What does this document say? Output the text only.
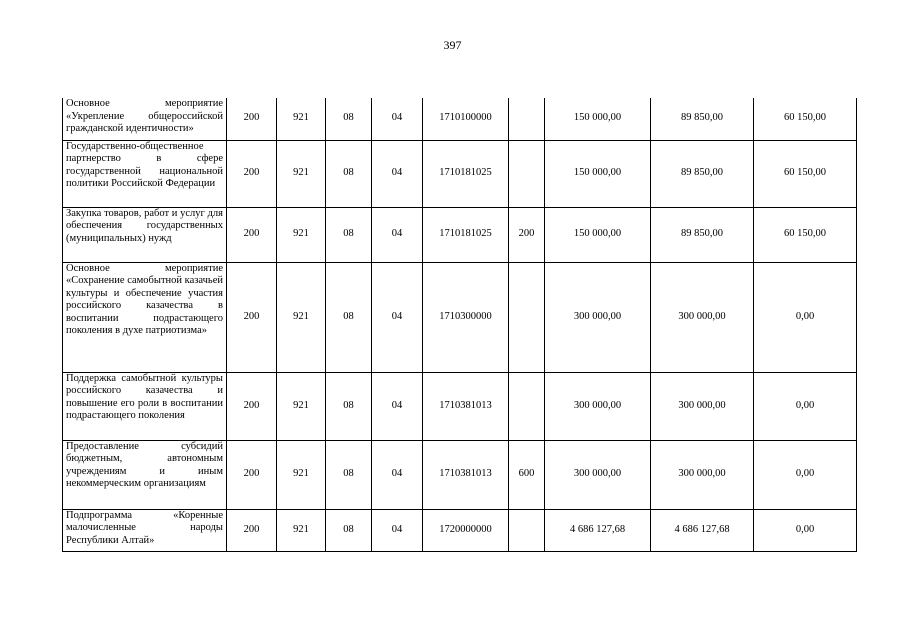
397
Основное мероприятие «Укрепление общероссийской гражданской идентичности»	200	921	08	04	1710100000		150 000,00	89 850,00	60 150,00
Государственно-общественное партнерство в сфере государственной национальной политики Российской Федерации	200	921	08	04	1710181025		150 000,00	89 850,00	60 150,00
Закупка товаров, работ и услуг для обеспечения государственных (муниципальных) нужд	200	921	08	04	1710181025	200	150 000,00	89 850,00	60 150,00
Основное мероприятие «Сохранение самобытной казачьей культуры и обеспечение участия российского казачества в воспитании подрастающего поколения в духе патриотизма»	200	921	08	04	1710300000		300 000,00	300 000,00	0,00
Поддержка самобытной культуры российского казачества и повышение его роли в воспитании подрастающего поколения	200	921	08	04	1710381013		300 000,00	300 000,00	0,00
Предоставление субсидий бюджетным, автономным учреждениям и иным некоммерческим организациям	200	921	08	04	1710381013	600	300 000,00	300 000,00	0,00
Подпрограмма «Коренные малочисленные народы Республики Алтай»	200	921	08	04	1720000000		4 686 127,68	4 686 127,68	0,00
